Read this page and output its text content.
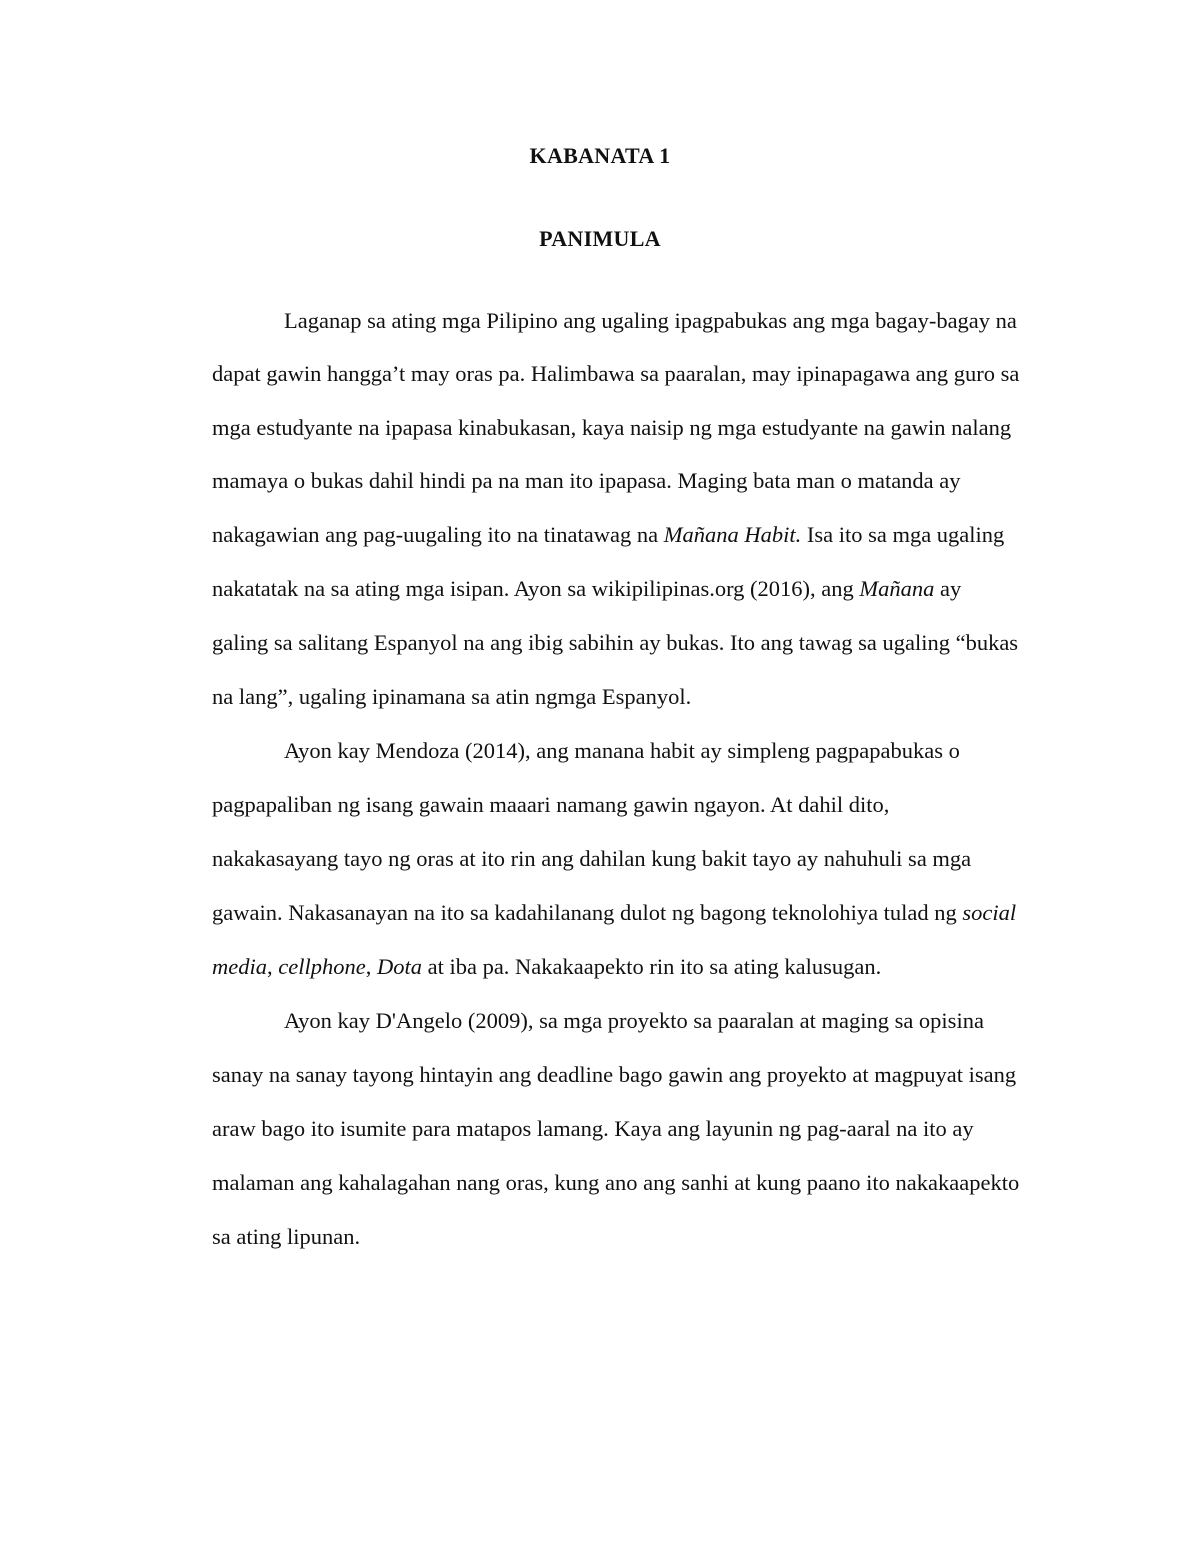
KABANATA 1
PANIMULA

Laganap sa ating mga Pilipino ang ugaling ipagpabukas ang mga bagay-bagay na

dapat gawin hangga’t may oras pa. Halimbawa sa paaralan, may ipinapagawa ang guro sa

mga estudyante na ipapasa kinabukasan, kaya naisip ng mga estudyante na gawin nalang

mamaya o bukas dahil hindi pa na man ito ipapasa. Maging bata man o matanda ay

nakagawian ang pag-uugaling ito na tinatawag na Mañana Habit. Isa ito sa mga ugaling

nakatatak na sa ating mga isipan. Ayon sa wikipilipinas.org (2016), ang Mañana ay

galing sa salitang Espanyol na ang ibig sabihin ay bukas. Ito ang tawag sa ugaling “bukas

na lang”, ugaling ipinamana sa atin ngmga Espanyol.

Ayon kay Mendoza (2014), ang manana habit ay simpleng pagpapabukas o

pagpapaliban ng isang gawain maaari namang gawin ngayon. At dahil dito,

nakakasayang tayo ng oras at ito rin ang dahilan kung bakit tayo ay nahuhuli sa mga

gawain. Nakasanayan na ito sa kadahilanang dulot ng bagong teknolohiya tulad ng social

media, cellphone, Dota at iba pa. Nakakaapekto rin ito sa ating kalusugan.

Ayon kay D'Angelo (2009), sa mga proyekto sa paaralan at maging sa opisina

sanay na sanay tayong hintayin ang deadline bago gawin ang proyekto at magpuyat isang

araw bago ito isumite para matapos lamang. Kaya ang layunin ng pag-aaral na ito ay

malaman ang kahalagahan nang oras, kung ano ang sanhi at kung paano ito nakakaapekto

sa ating lipunan.
